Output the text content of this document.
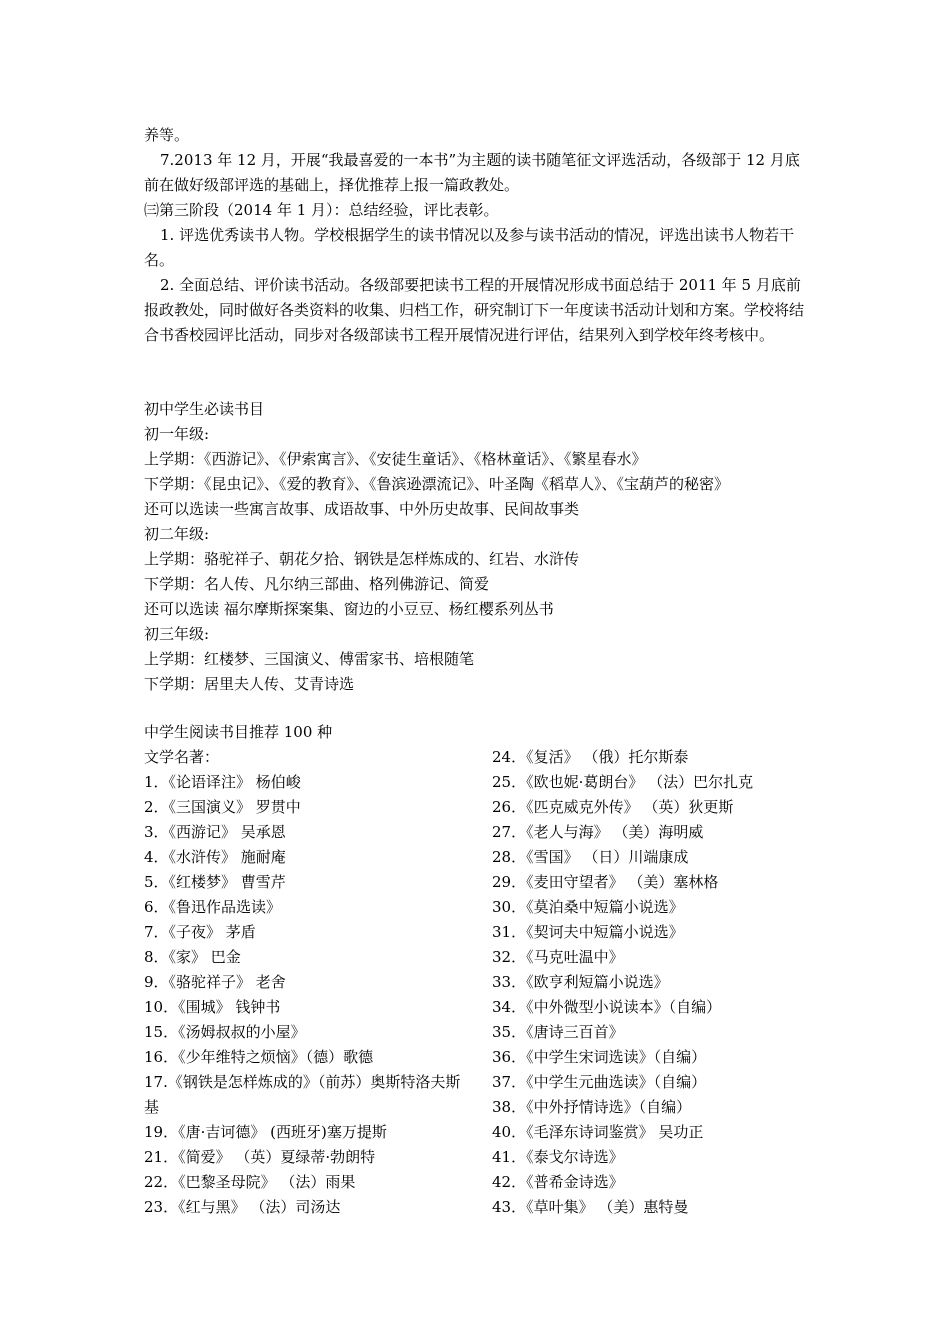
养等。

7.2013 年 12 月，开展“我最喜爱的一本书”为主题的读书随笔征文评选活动，各级部于 12 月底前在做好级部评选的基础上，择优推荐上报一篇政教处。

㈢第三阶段（2014 年 1 月）：总结经验，评比表彰。

1. 评选优秀读书人物。学校根据学生的读书情况以及参与读书活动的情况，评选出读书人物若干名。

2. 全面总结、评价读书活动。各级部要把读书工程的开展情况形成书面总结于 2011 年 5 月底前报政教处，同时做好各类资料的收集、归档工作，研究制订下一年度读书活动计划和方案。学校将结合书香校园评比活动，同步对各级部读书工程开展情况进行评估，结果列入到学校年终考核中。

初中学生必读书目

初一年级:

上学期：《西游记》、《伊索寓言》、《安徒生童话》、《格林童话》、《繁星春水》

下学期：《昆虫记》、《爱的教育》、《鲁滨逊漂流记》、叶圣陶《稻草人》、《宝葫芦的秘密》

还可以选读一些寓言故事、成语故事、中外历史故事、民间故事类

初二年级:

上学期：骆驼祥子、朝花夕拾、钢铁是怎样炼成的、红岩、水浒传

下学期：名人传、凡尔纳三部曲、格列佛游记、简爱

还可以选读 福尔摩斯探案集、窗边的小豆豆、杨红樱系列丛书

初三年级:

上学期：红楼梦、三国演义、傅雷家书、培根随笔

下学期：居里夫人传、艾青诗选

中学生阅读书目推荐 100 种

文学名著：

1．《论语译注》 杨伯峻

2．《三国演义》 罗贯中

3．《西游记》 吴承恩

4．《水浒传》 施耐庵

5．《红楼梦》 曹雪芹

6．《鲁迅作品选读》

7．《子夜》 茅盾

8．《家》 巴金

9．《骆驼祥子》 老舍

10．《围城》 钱钟书

15．《汤姆叔叔的小屋》

16．《少年维特之烦恼》（德）歌德

17.《钢铁是怎样炼成的》（前苏）奥斯特洛夫斯基

19．《唐·吉诃德》 (西班牙)塞万提斯

21．《简爱》 （英）夏绿蒂·勃朗特

22．《巴黎圣母院》 （法）雨果

23．《红与黑》 （法）司汤达

24．《复活》 （俄）托尔斯泰

25．《欧也妮·葛朗台》 （法）巴尔扎克

26．《匹克威克外传》 （英）狄更斯

27．《老人与海》 （美）海明威

28．《雪国》 （日）川端康成

29．《麦田守望者》 （美）塞林格

30．《莫泊桑中短篇小说选》

31．《契诃夫中短篇小说选》

32．《马克吐温中》

33．《欧亨利短篇小说选》

34．《中外微型小说读本》（自编）

35．《唐诗三百首》

36．《中学生宋词选读》（自编）

37．《中学生元曲选读》（自编）

38．《中外抒情诗选》（自编）

40．《毛泽东诗词鉴赏》 吴功正

41．《泰戈尔诗选》

42．《普希金诗选》

43．《草叶集》 （美）惠特曼
